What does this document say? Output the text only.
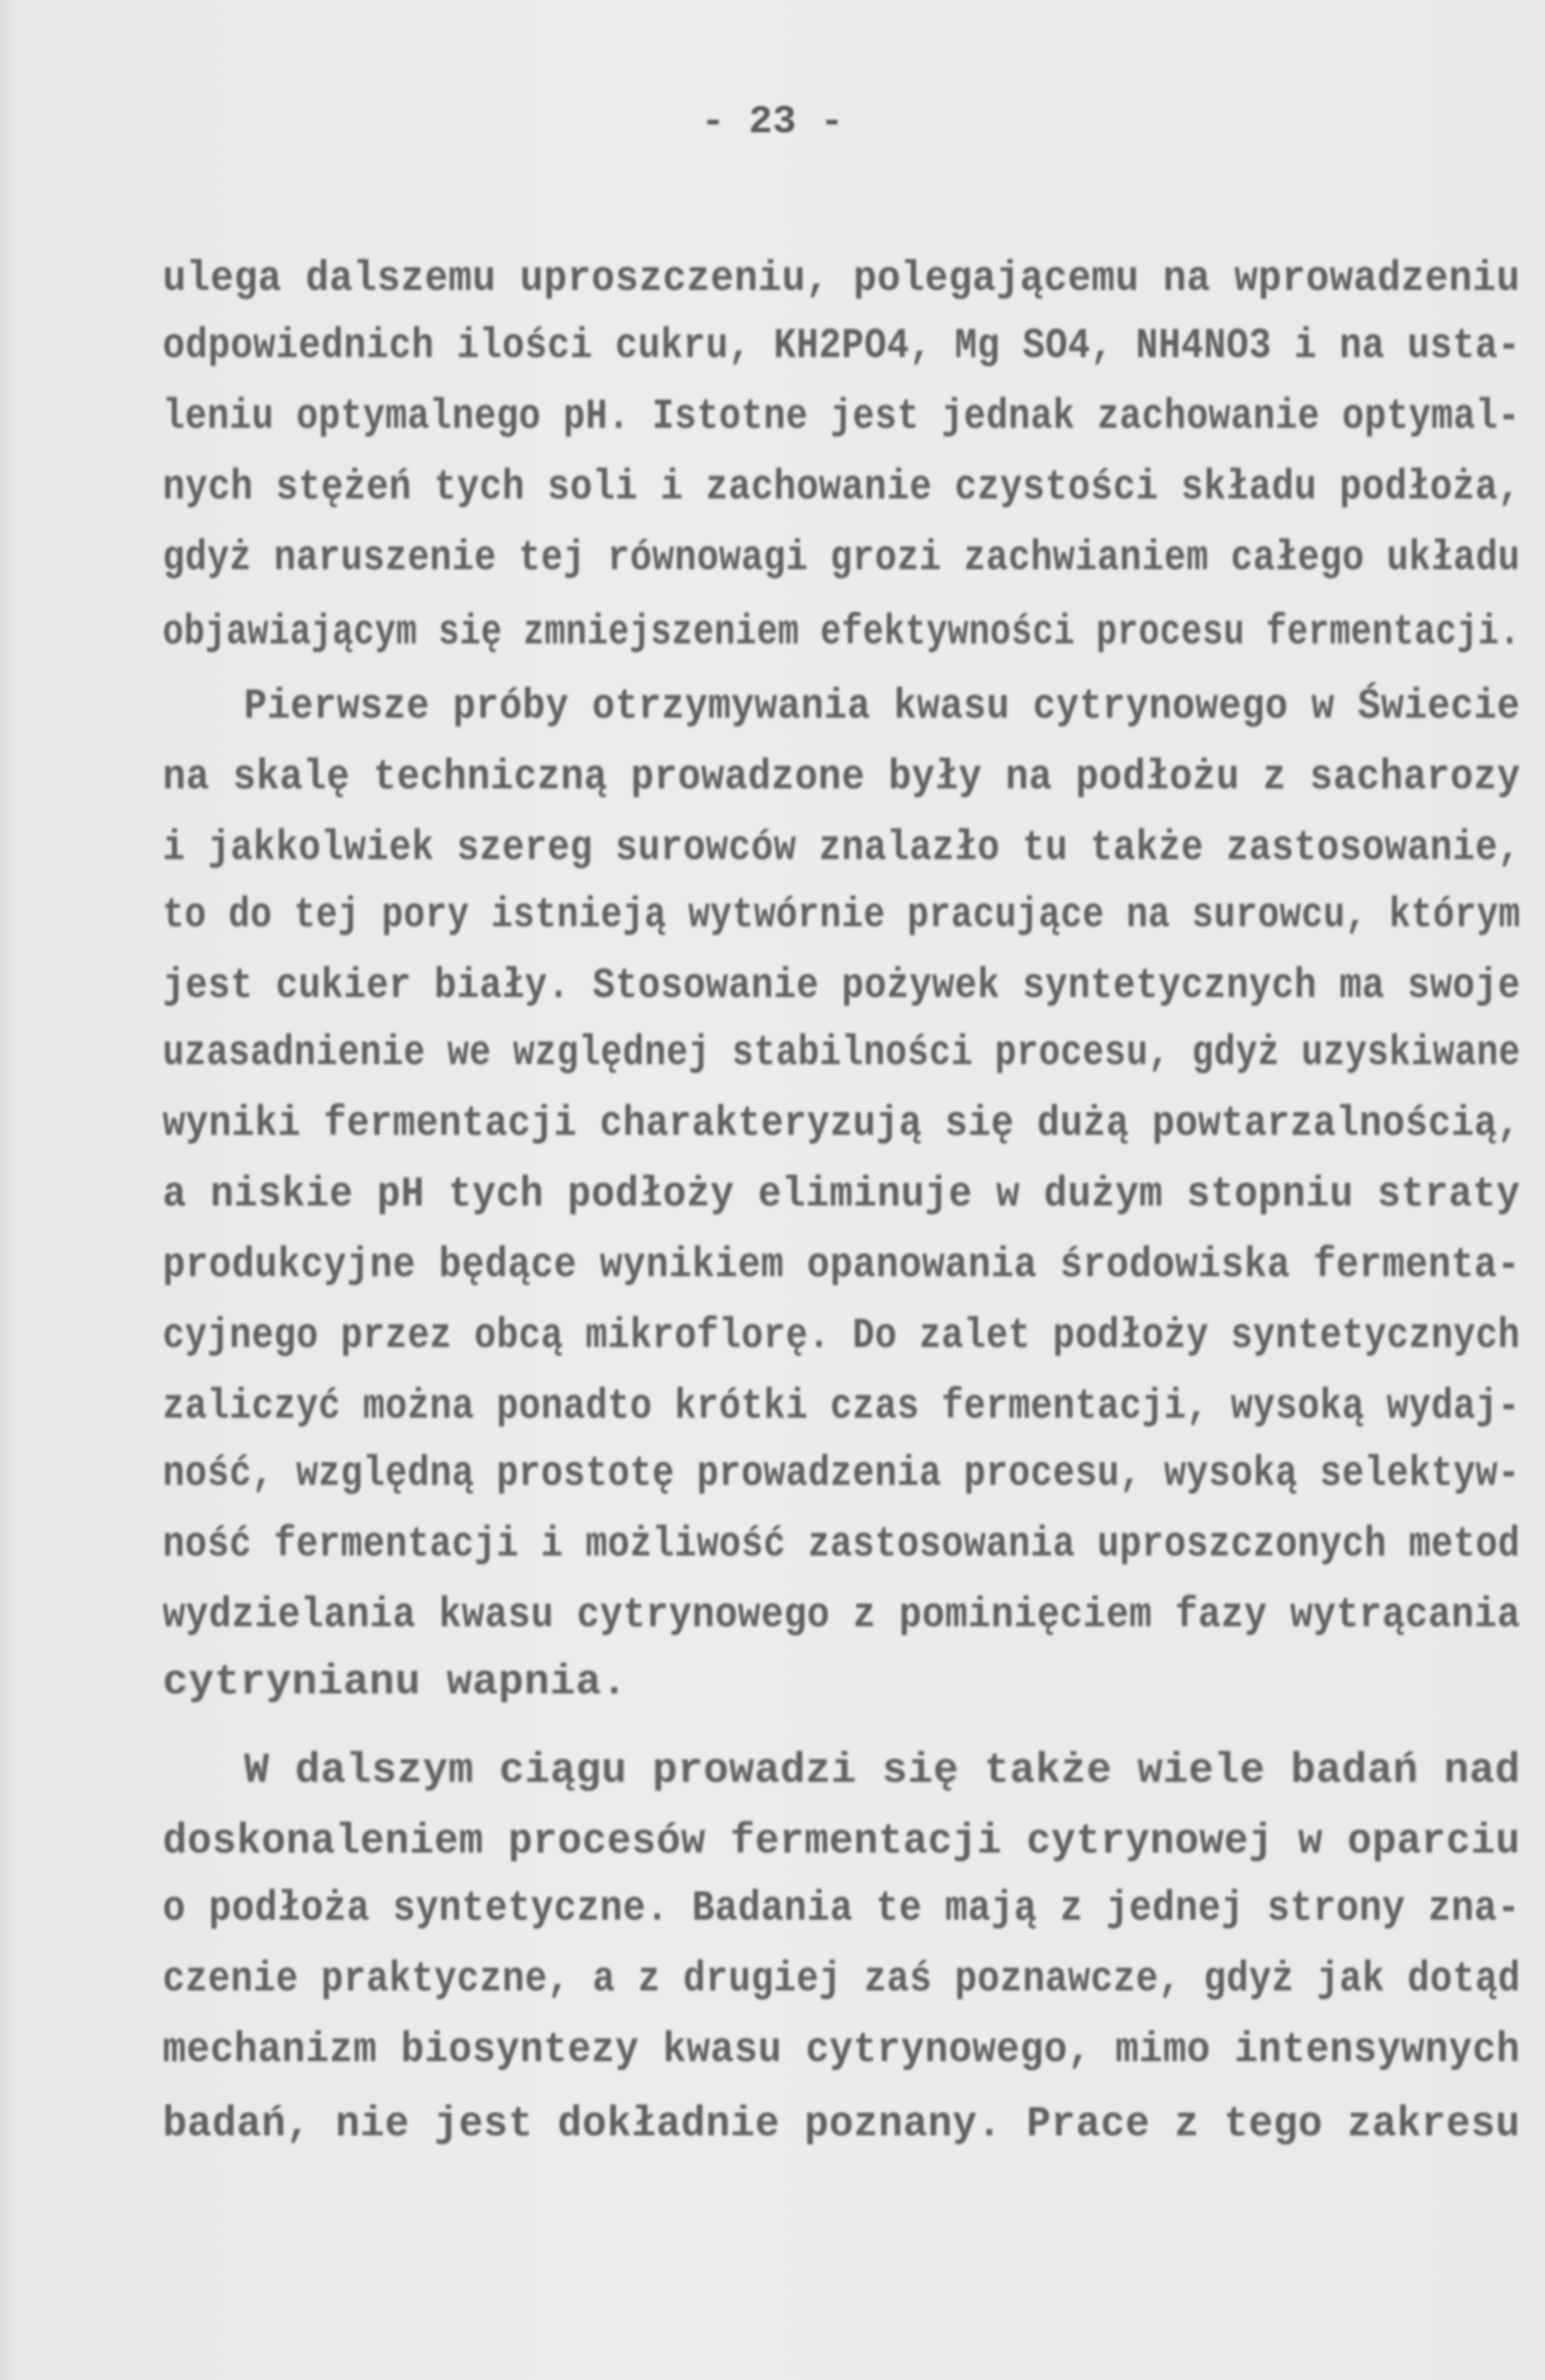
- 23 -
ulega dalszemu uproszczeniu, polegającemu na wprowadzeniu
odpowiednich ilości cukru, KH2PO4, Mg SO4, NH4NO3 i na usta-
leniu optymalnego pH. Istotne jest jednak zachowanie optymal-
nych stężeń tych soli i zachowanie czystości składu podłoża,
gdyż naruszenie tej równowagi grozi zachwianiem całego układu
objawiającym się zmniejszeniem efektywności procesu fermentacji.
Pierwsze próby otrzymywania kwasu cytrynowego w Świecie
na skalę techniczną prowadzone były na podłożu z sacharozy
i jakkolwiek szereg surowców znalazło tu także zastosowanie,
to do tej pory istnieją wytwórnie pracujące na surowcu, którym
jest cukier biały. Stosowanie pożywek syntetycznych ma swoje
uzasadnienie we względnej stabilności procesu, gdyż uzyskiwane
wyniki fermentacji charakteryzują się dużą powtarzalnością,
a niskie pH tych podłoży eliminuje w dużym stopniu straty
produkcyjne będące wynikiem opanowania środowiska fermenta-
cyjnego przez obcą mikroflorę. Do zalet podłoży syntetycznych
zaliczyć można ponadto krótki czas fermentacji, wysoką wydaj-
ność, względną prostotę prowadzenia procesu, wysoką selektyw-
ność fermentacji i możliwość zastosowania uproszczonych metod
wydzielania kwasu cytrynowego z pominięciem fazy wytrącania
cytrynianu wapnia.
W dalszym ciągu prowadzi się także wiele badań nad
doskonaleniem procesów fermentacji cytrynowej w oparciu
o podłoża syntetyczne. Badania te mają z jednej strony zna-
czenie praktyczne, a z drugiej zaś poznawcze, gdyż jak dotąd
mechanizm biosyntezy kwasu cytrynowego, mimo intensywnych
badań, nie jest dokładnie poznany. Prace z tego zakresu
